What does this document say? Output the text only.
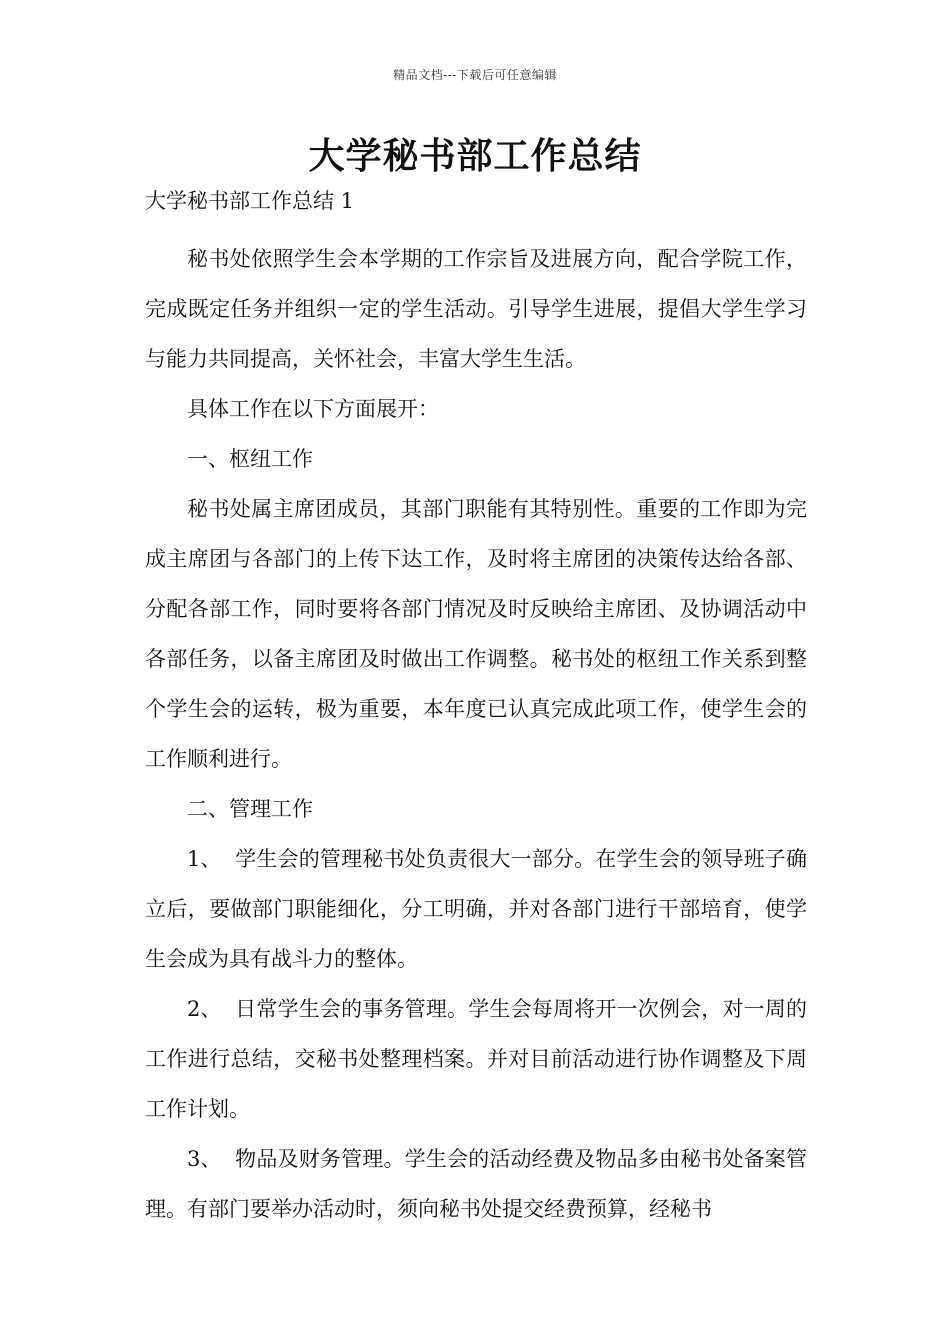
精品文档---下载后可任意编辑
大学秘书部工作总结
大学秘书部工作总结 1

秘书处依照学生会本学期的工作宗旨及进展方向，配合学院工作，完成既定任务并组织一定的学生活动。引导学生进展，提倡大学生学习与能力共同提高，关怀社会，丰富大学生生活。

具体工作在以下方面展开：

一、枢纽工作

秘书处属主席团成员，其部门职能有其特别性。重要的工作即为完成主席团与各部门的上传下达工作，及时将主席团的决策传达给各部、分配各部工作，同时要将各部门情况及时反映给主席团、及协调活动中各部任务，以备主席团及时做出工作调整。秘书处的枢纽工作关系到整个学生会的运转，极为重要，本年度已认真完成此项工作，使学生会的工作顺利进行。

二、管理工作

1、 学生会的管理秘书处负责很大一部分。在学生会的领导班子确立后，要做部门职能细化，分工明确，并对各部门进行干部培育，使学生会成为具有战斗力的整体。

2、 日常学生会的事务管理。学生会每周将开一次例会，对一周的工作进行总结，交秘书处整理档案。并对目前活动进行协作调整及下周工作计划。

3、 物品及财务管理。学生会的活动经费及物品多由秘书处备案管理。有部门要举办活动时，须向秘书处提交经费预算，经秘书
